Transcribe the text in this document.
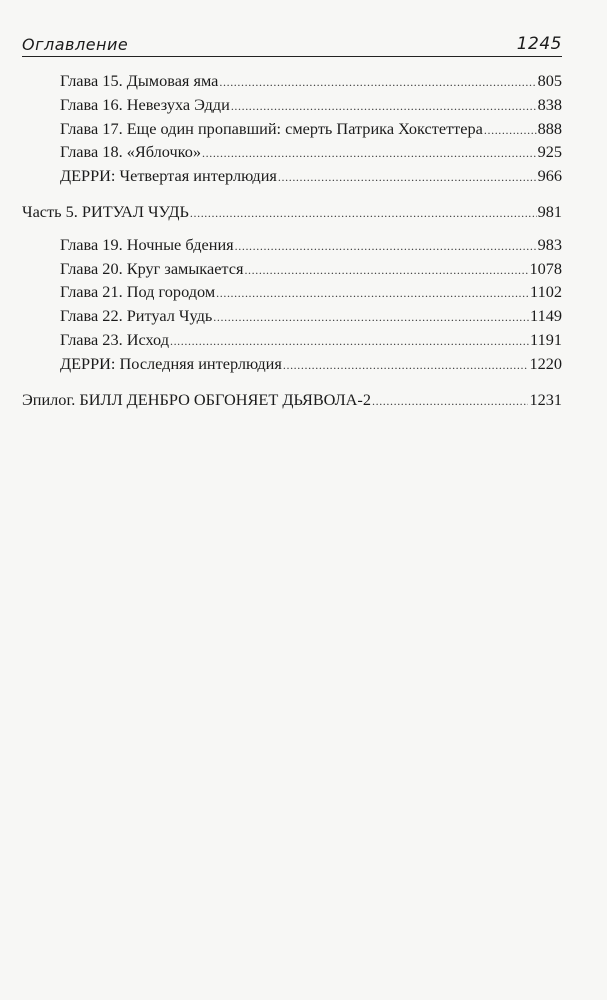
Оглавление	1245
Глава 15. Дымовая яма .....	805
Глава 16. Невезуха Эдди .....	838
Глава 17. Еще один пропавший: смерть Патрика Хокстеттера .....	888
Глава 18. «Яблочко» .....	925
ДЕРРИ: Четвертая интерлюдия .....	966
Часть 5. РИТУАЛ ЧУДЬ .....	981
Глава 19. Ночные бдения .....	983
Глава 20. Круг замыкается .....	1078
Глава 21. Под городом .....	1102
Глава 22. Ритуал Чудь .....	1149
Глава 23. Исход .....	1191
ДЕРРИ: Последняя интерлюдия .....	1220
Эпилог. БИЛЛ ДЕНБРО ОБГОНЯЕТ ДЬЯВОЛА-2 .....	1231
